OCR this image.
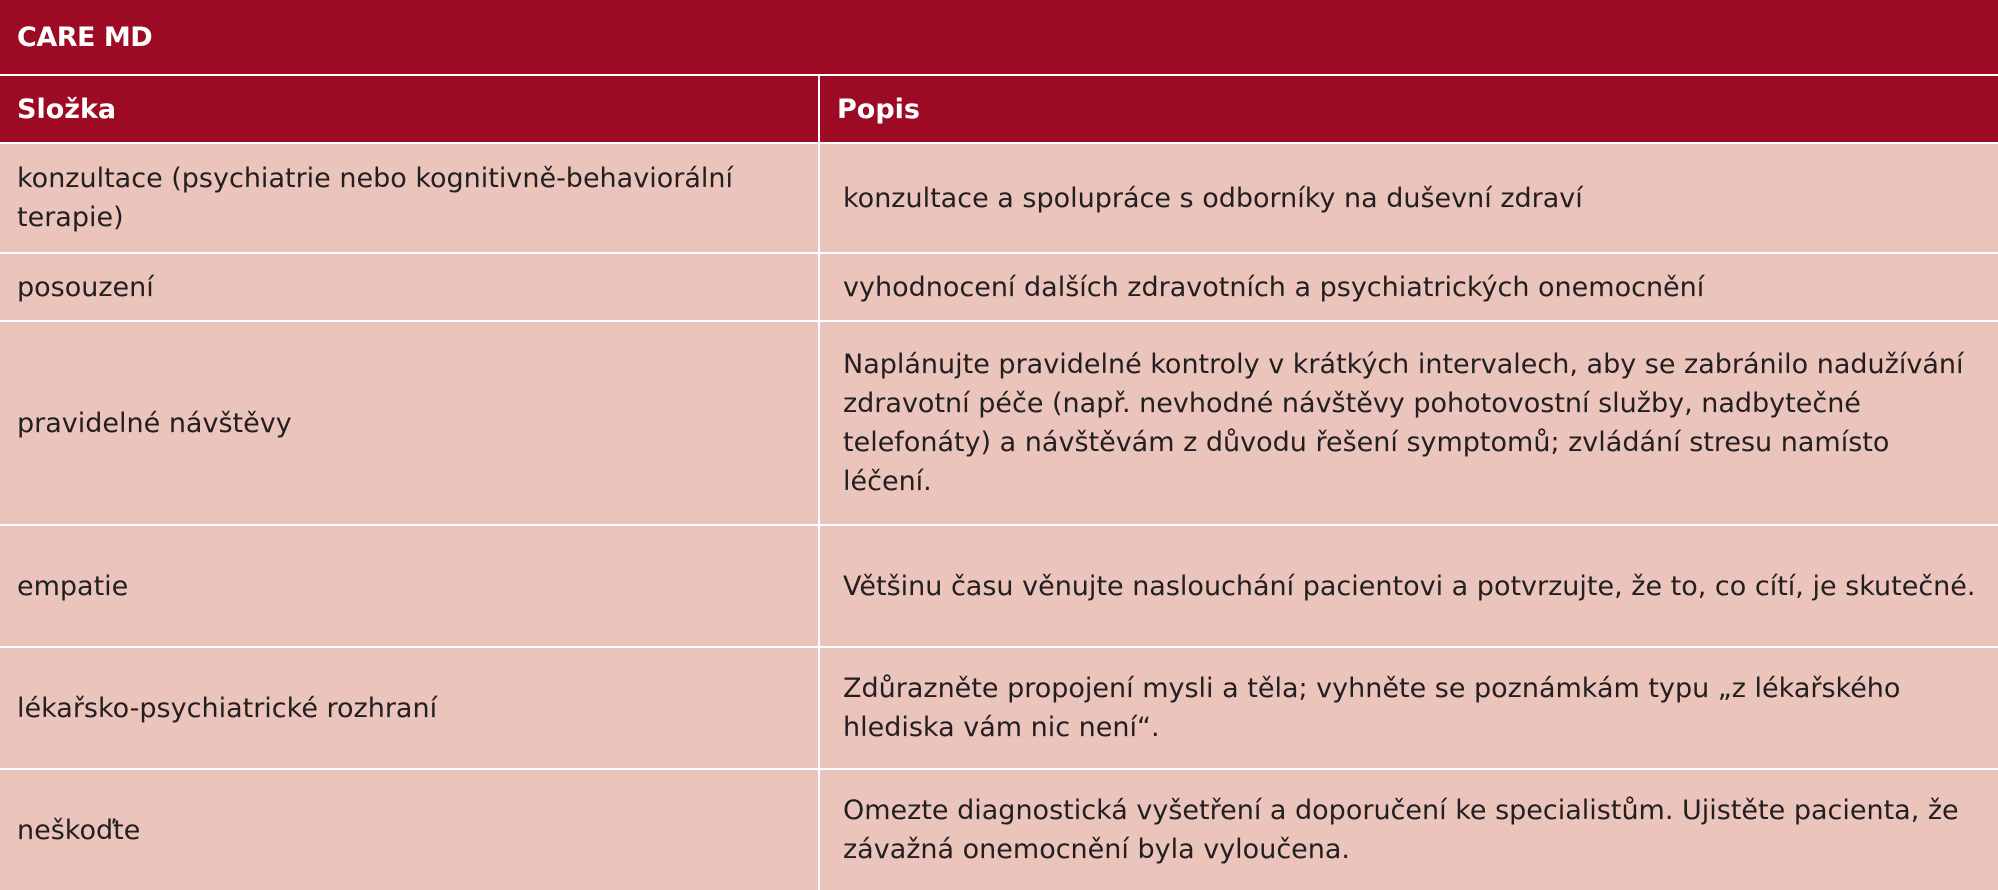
CARE MD	
Složka	Popis
konzultace (psychiatrie nebo kognitivně-behaviorální terapie)	konzultace a spolupráce s odborníky na duševní zdraví
posouzení	vyhodnocení dalších zdravotních a psychiatrických onemocnění
pravidelné návštěvy	Naplánujte pravidelné kontroly v krátkých intervalech, aby se zabránilo nadužívání zdravotní péče (např. nevhodné návštěvy pohotovostní služby, nadbytečné telefonáty) a návštěvám z důvodu řešení symptomů; zvládání stresu namísto léčení.
empatie	Většinu času věnujte naslouchání pacientovi a potvrzujte, že to, co cítí, je skutečné.
lékařsko-psychiatrické rozhraní	Zdůrazněte propojení mysli a těla; vyhněte se poznámkám typu „z lékařského hlediska vám nic není“.
neškoďte	Omezte diagnostická vyšetření a doporučení ke specialistům. Ujistěte pacienta, že závažná onemocnění byla vyloučena.
